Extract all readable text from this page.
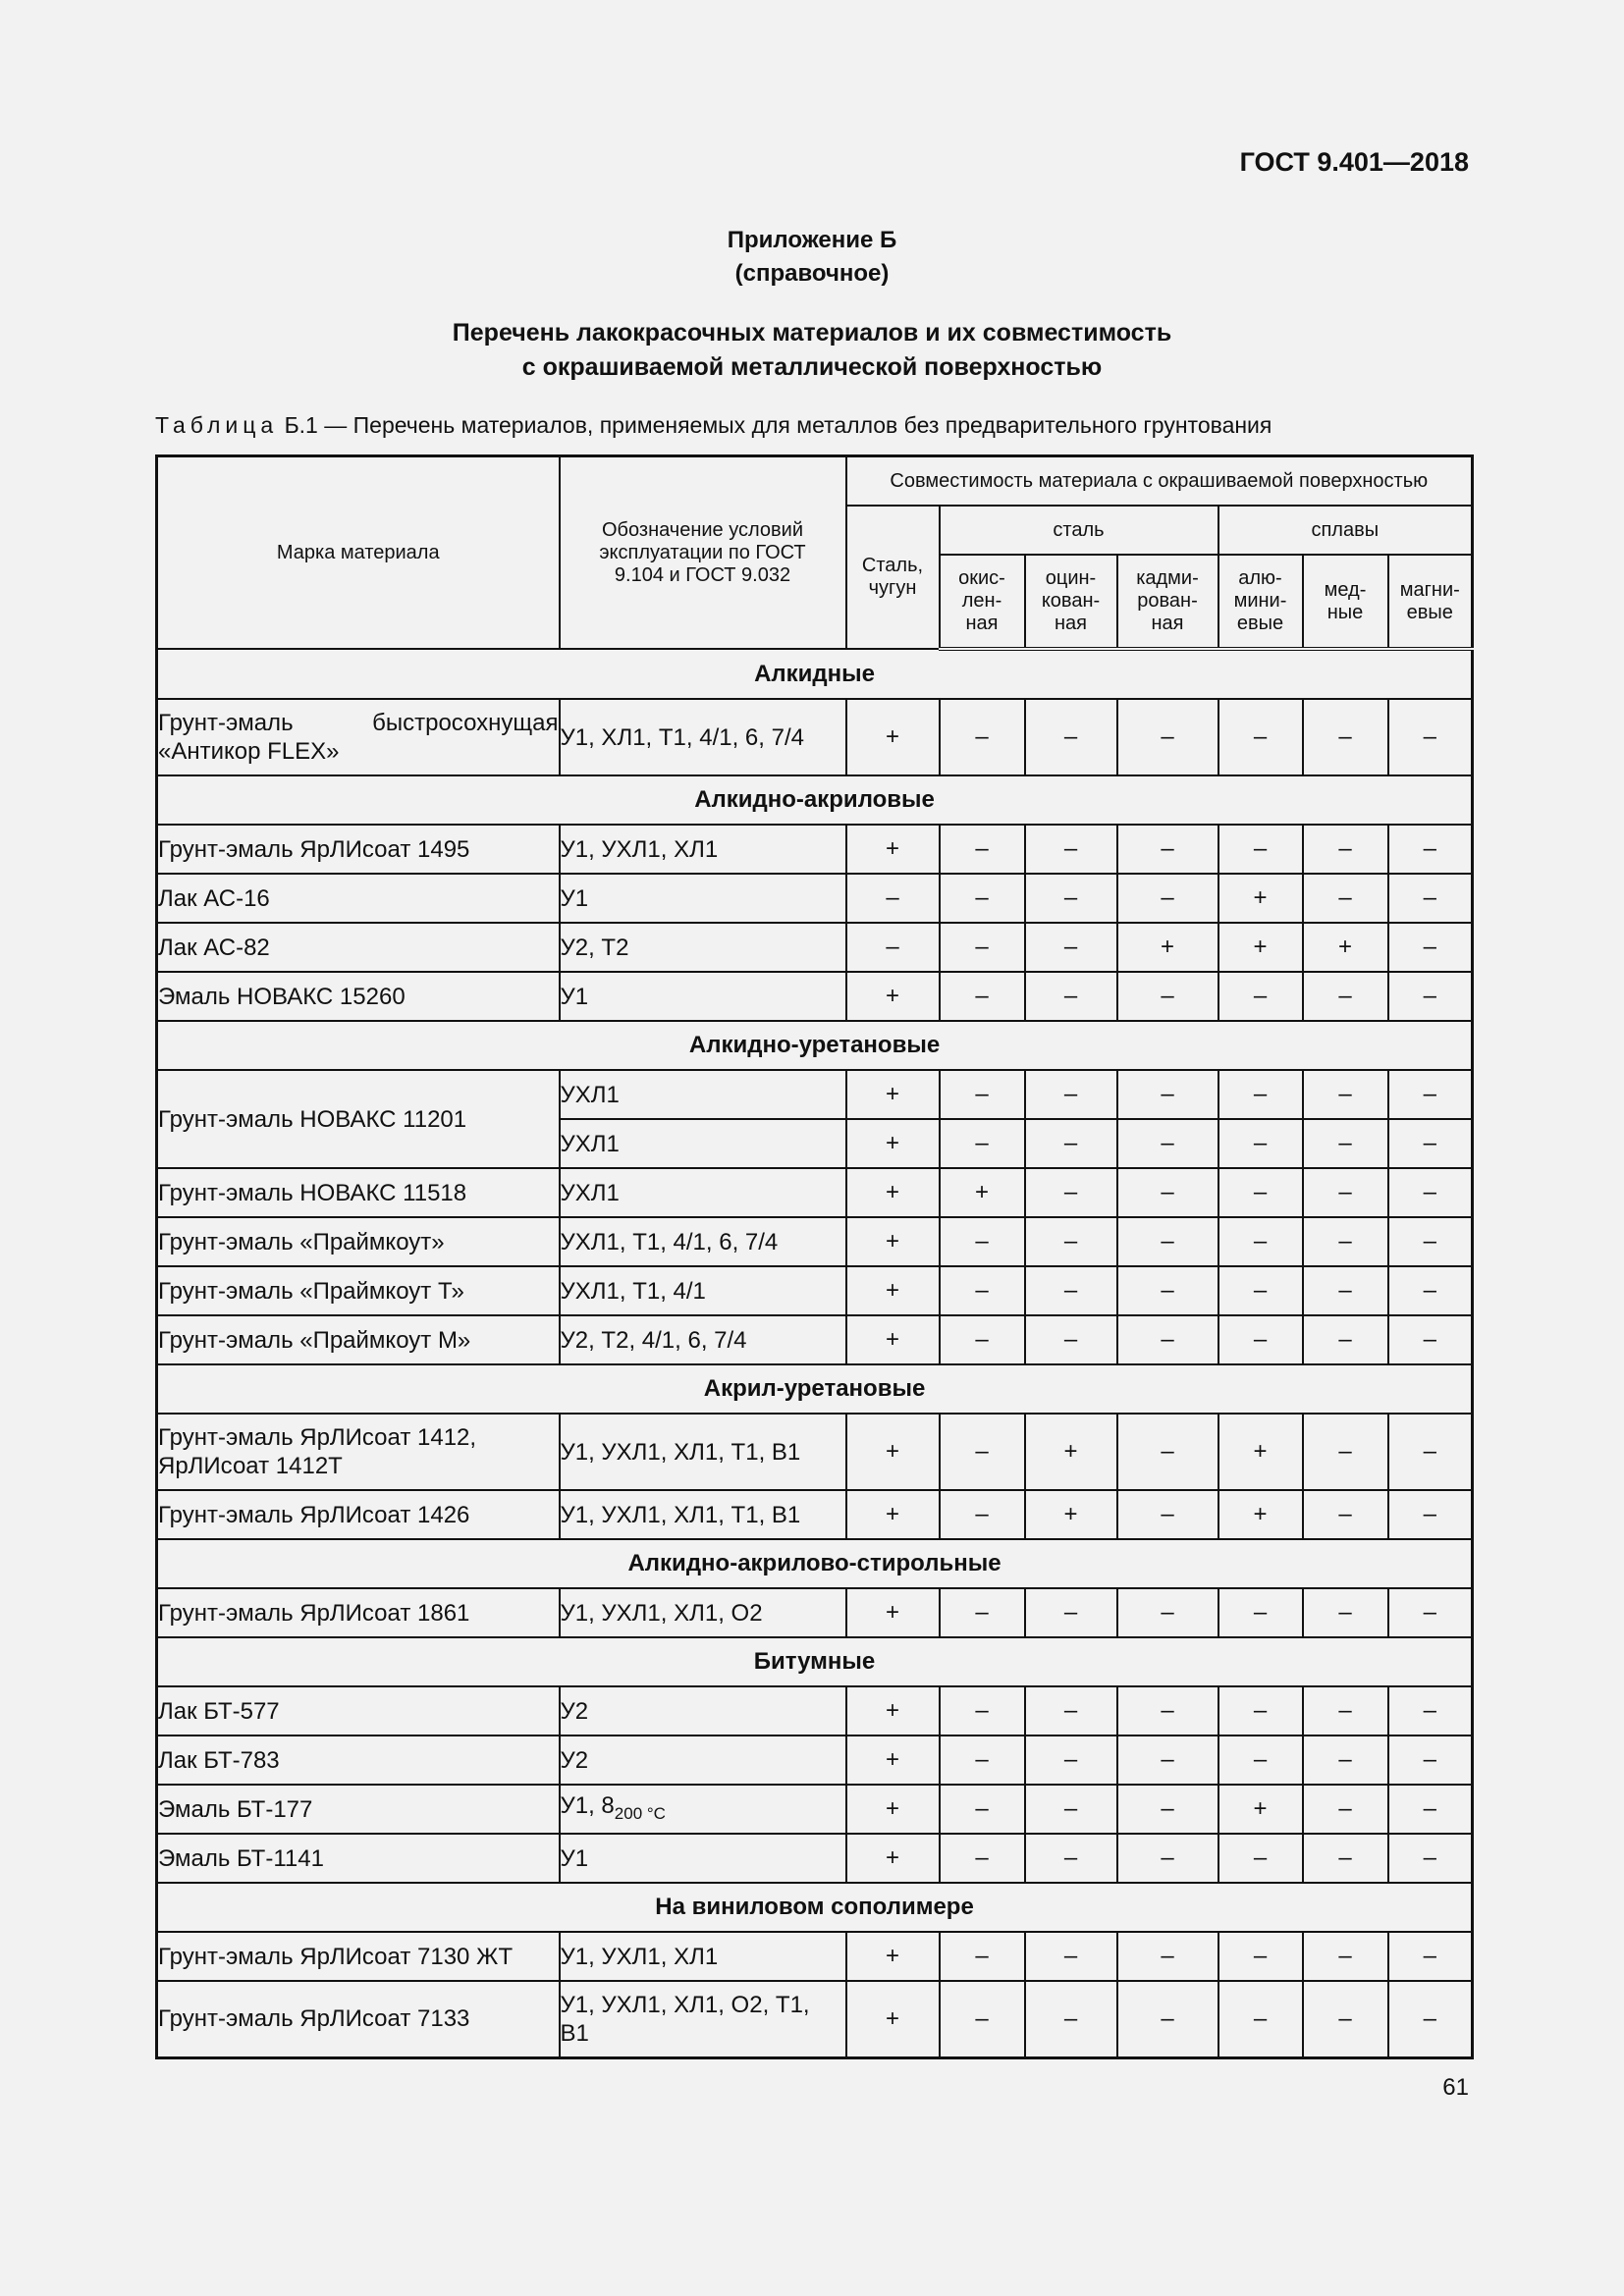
ГОСТ 9.401—2018
Приложение Б
(справочное)
Перечень лакокрасочных материалов и их совместимость
с окрашиваемой металлической поверхностью
Таблица Б.1 — Перечень материалов, применяемых для металлов без предварительного грунтования
Марка материала	Обозначение условий эксплуатации по ГОСТ 9.104 и ГОСТ 9.032	Совместимость материала с окрашиваемой поверхностью						
		Сталь, чугун	сталь			сплавы		
			окис-лен-ная	оцин-кован-ная	кадми-рован-ная	алю-мини-евые	мед-ные	магни-евые
Алкидные								
Грунт-эмаль быстросохнущая «Антикор FLEX»	У1, ХЛ1, Т1, 4/1, 6, 7/4	+	–	–	–	–	–	–
Алкидно-акриловые								
Грунт-эмаль ЯрЛИсоат 1495	У1, УХЛ1, ХЛ1	+	–	–	–	–	–	–
Лак АС-16	У1	–	–	–	–	+	–	–
Лак АС-82	У2, Т2	–	–	–	+	+	+	–
Эмаль НОВАКС 15260	У1	+	–	–	–	–	–	–
Алкидно-уретановые								
Грунт-эмаль НОВАКС 11201	УХЛ1	+	–	–	–	–	–	–
	УХЛ1	+	–	–	–	–	–	–
Грунт-эмаль НОВАКС 11518	УХЛ1	+	+	–	–	–	–	–
Грунт-эмаль «Праймкоут»	УХЛ1, Т1, 4/1, 6, 7/4	+	–	–	–	–	–	–
Грунт-эмаль «Праймкоут Т»	УХЛ1, Т1, 4/1	+	–	–	–	–	–	–
Грунт-эмаль «Праймкоут М»	У2, Т2, 4/1, 6, 7/4	+	–	–	–	–	–	–
Акрил-уретановые								
Грунт-эмаль ЯрЛИсоат 1412, ЯрЛИсоат 1412Т	У1, УХЛ1, ХЛ1, Т1, В1	+	–	+	–	+	–	–
Грунт-эмаль ЯрЛИсоат 1426	У1, УХЛ1, ХЛ1, Т1, В1	+	–	+	–	+	–	–
Алкидно-акрилово-стирольные								
Грунт-эмаль ЯрЛИсоат 1861	У1, УХЛ1, ХЛ1, О2	+	–	–	–	–	–	–
Битумные								
Лак БТ-577	У2	+	–	–	–	–	–	–
Лак БТ-783	У2	+	–	–	–	–	–	–
Эмаль БТ-177	У1, $8_{200 ^\circ С}$	+	–	–	–	+	–	–
Эмаль БТ-1141	У1	+	–	–	–	–	–	–
На виниловом сополимере								
Грунт-эмаль ЯрЛИсоат 7130 ЖТ	У1, УХЛ1, ХЛ1	+	–	–	–	–	–	–
Грунт-эмаль ЯрЛИсоат 7133	У1, УХЛ1, ХЛ1, О2, Т1, В1	+	–	–	–	–	–	–
61
